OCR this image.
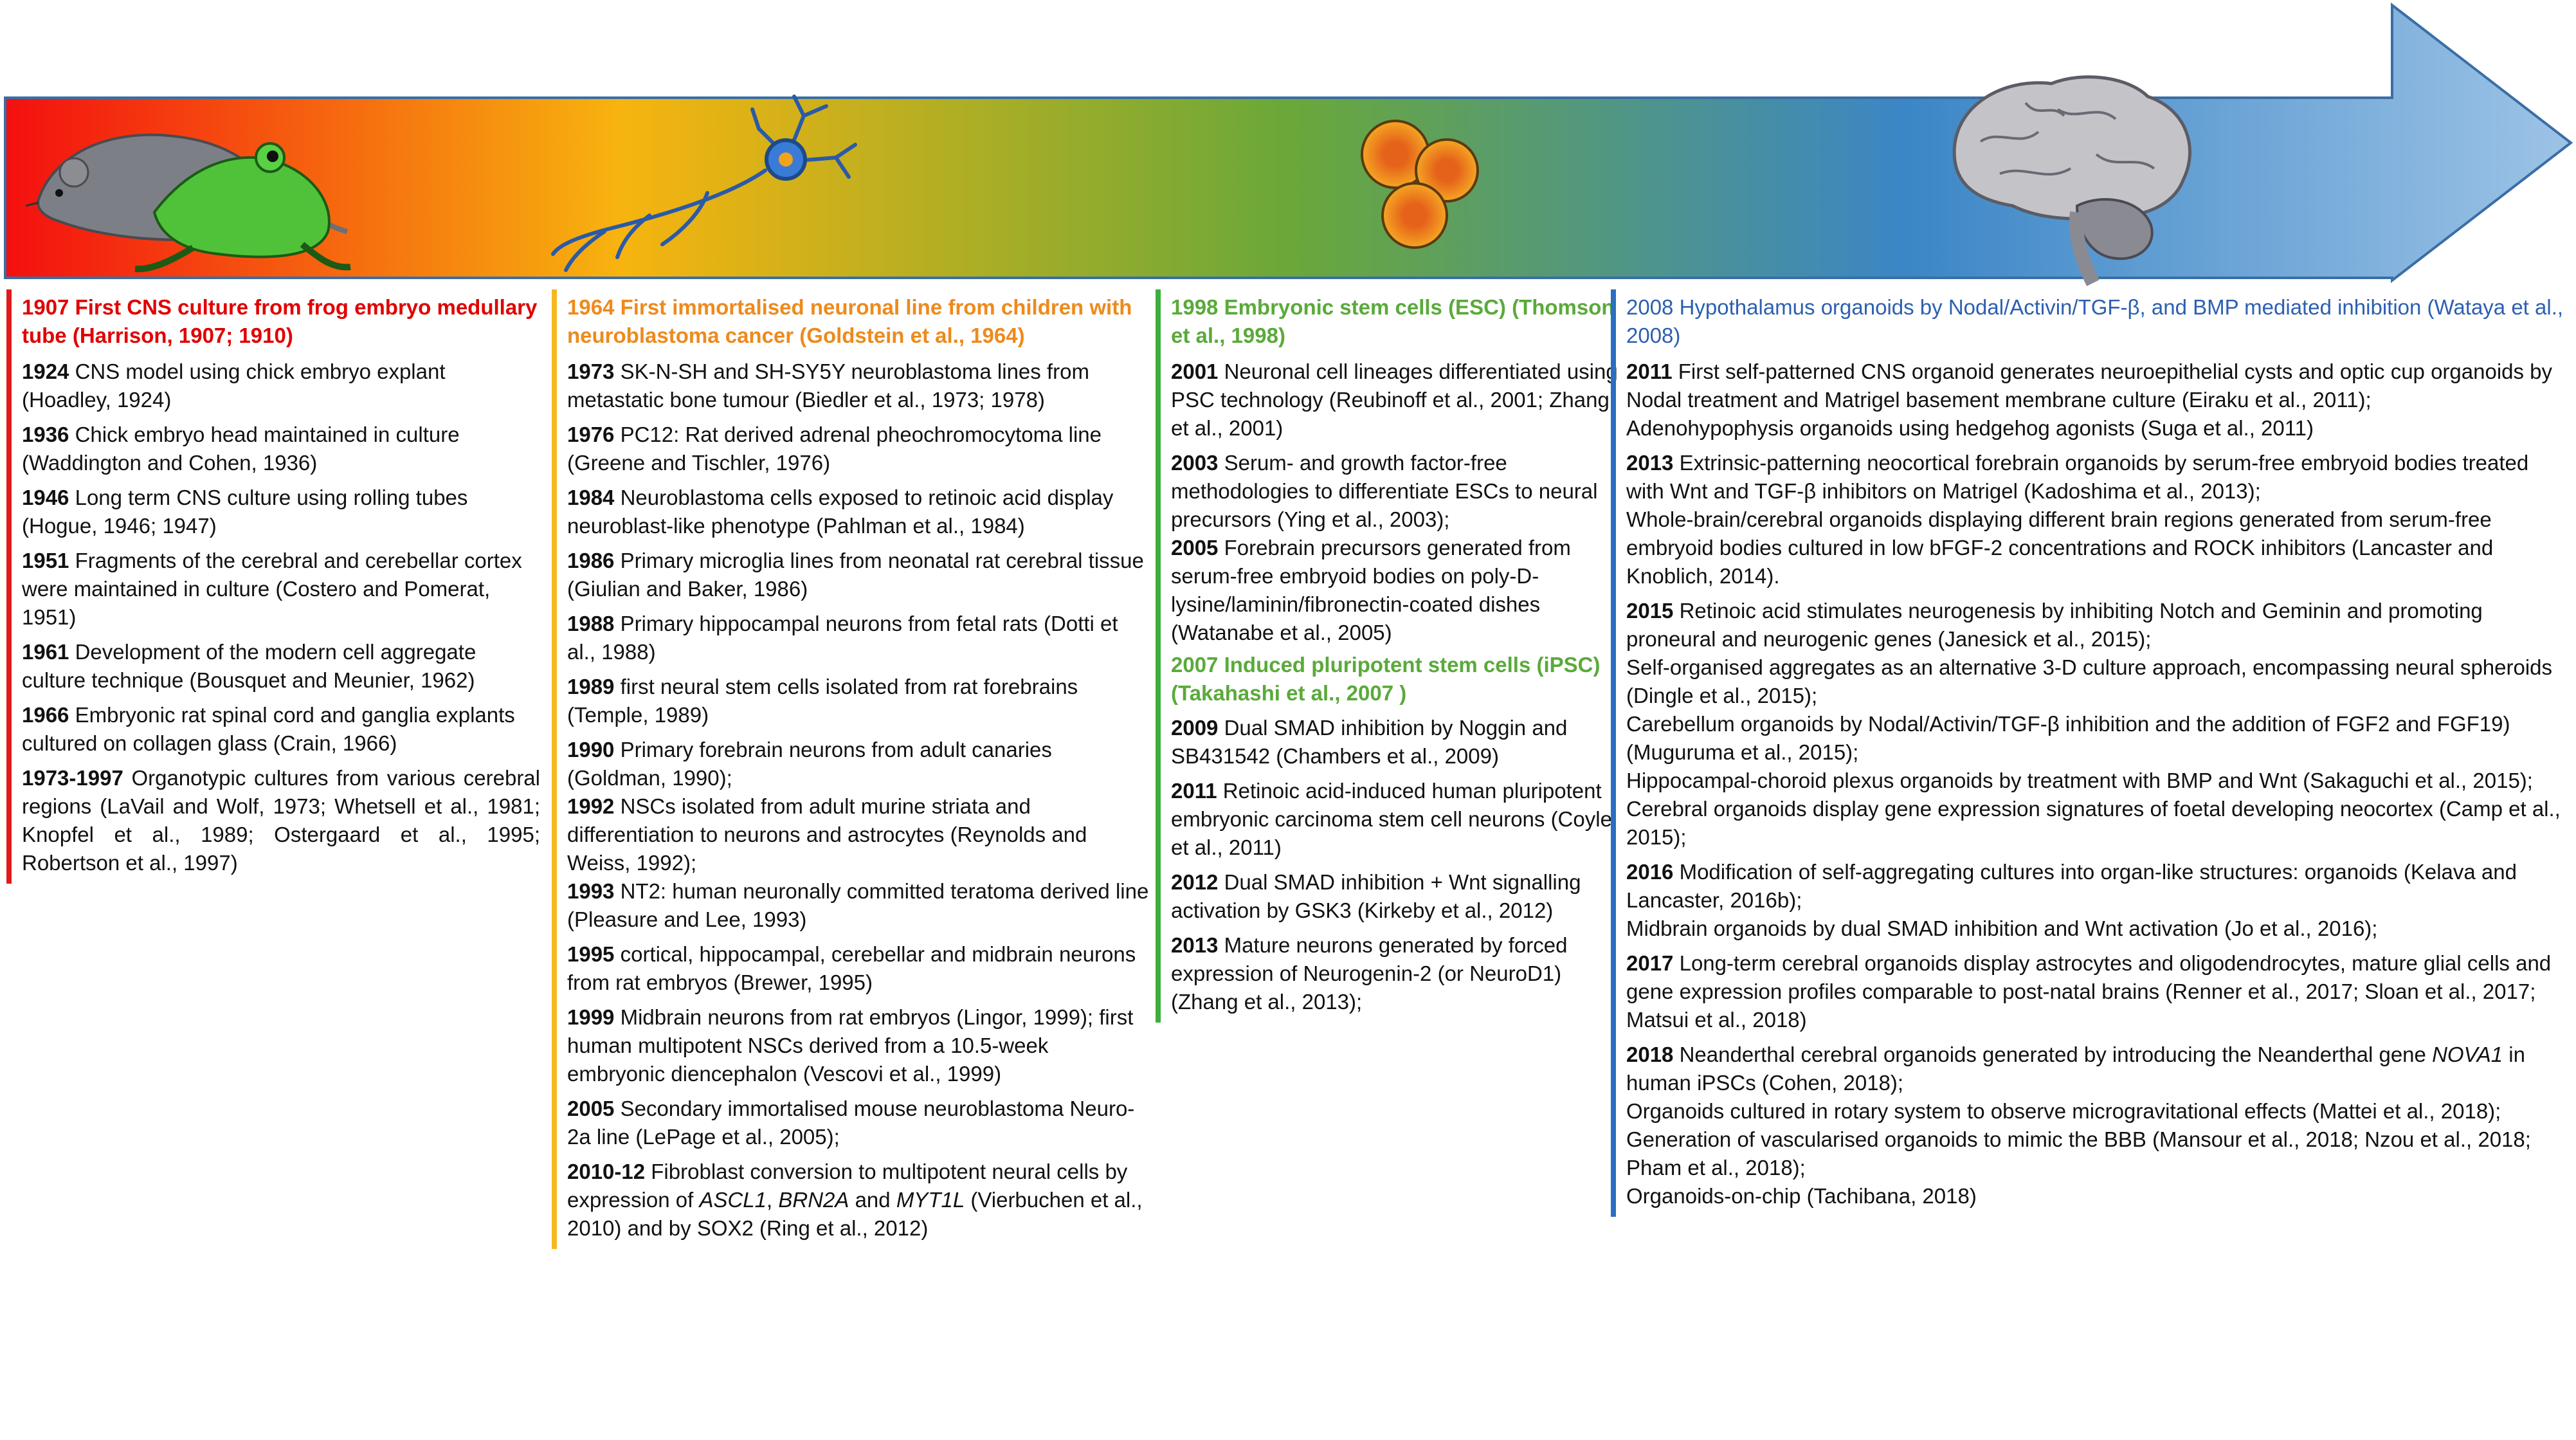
1907 First CNS culture from frog embryo medullary tube (Harrison, 1907; 1910)
1924 CNS model using chick embryo explant (Hoadley, 1924)
1936 Chick embryo head maintained in culture (Waddington and Cohen, 1936)
1946 Long term CNS culture using rolling tubes (Hogue, 1946; 1947)
1951 Fragments of the cerebral and cerebellar cortex were maintained in culture (Costero and Pomerat, 1951)
1961 Development of the modern cell aggregate culture technique (Bousquet and Meunier, 1962)
1966 Embryonic rat spinal cord and ganglia explants cultured on collagen glass (Crain, 1966)
1973-1997 Organotypic cultures from various cerebral regions (LaVail and Wolf, 1973; Whetsell et al., 1981; Knopfel et al., 1989; Ostergaard et al., 1995; Robertson et al., 1997)
1964 First immortalised neuronal line from children with neuroblastoma cancer (Goldstein et al., 1964)
1973 SK-N-SH and SH-SY5Y neuroblastoma lines from metastatic bone tumour (Biedler et al., 1973; 1978)
1976 PC12: Rat derived adrenal pheochromocytoma line (Greene and Tischler, 1976)
1984 Neuroblastoma cells exposed to retinoic acid display neuroblast-like phenotype (Pahlman et al., 1984)
1986 Primary microglia lines from neonatal rat cerebral tissue (Giulian and Baker, 1986)
1988 Primary hippocampal neurons from fetal rats (Dotti et al., 1988)
1989 first neural stem cells isolated from rat forebrains (Temple, 1989)
1990 Primary forebrain neurons from adult canaries (Goldman, 1990);
1992 NSCs isolated from adult murine striata and differentiation to neurons and astrocytes (Reynolds and Weiss, 1992);
1993 NT2: human neuronally committed teratoma derived line (Pleasure and Lee, 1993)
1995 cortical, hippocampal, cerebellar and midbrain neurons from rat embryos (Brewer, 1995)
1999 Midbrain neurons from rat embryos (Lingor, 1999); first human multipotent NSCs derived from a 10.5-week embryonic diencephalon (Vescovi et al., 1999)
2005 Secondary immortalised mouse neuroblastoma Neuro-2a line (LePage et al., 2005);
2010-12 Fibroblast conversion to multipotent neural cells by expression of ASCL1, BRN2A and MYT1L (Vierbuchen et al., 2010) and by SOX2 (Ring et al., 2012)
1998 Embryonic stem cells (ESC) (Thomson et al., 1998)
2001 Neuronal cell lineages differentiated using PSC technology (Reubinoff et al., 2001; Zhang et al., 2001)
2003 Serum- and growth factor-free methodologies to differentiate ESCs to neural precursors (Ying et al., 2003);
2005 Forebrain precursors generated from serum-free embryoid bodies on poly-D-lysine/laminin/fibronectin-coated dishes (Watanabe et al., 2005)
2007 Induced pluripotent stem cells (iPSC) (Takahashi et al., 2007 )
2009 Dual SMAD inhibition by Noggin and SB431542 (Chambers et al., 2009)
2011 Retinoic acid-induced human pluripotent embryonic carcinoma stem cell neurons (Coyle et al., 2011)
2012 Dual SMAD inhibition + Wnt signalling activation by GSK3 (Kirkeby et al., 2012)
2013 Mature neurons generated by forced expression of Neurogenin-2 (or NeuroD1) (Zhang et al., 2013);
2008 Hypothalamus organoids by Nodal/Activin/TGF-β, and BMP mediated inhibition (Wataya et al., 2008)
2011 First self-patterned CNS organoid generates neuroepithelial cysts and optic cup organoids by Nodal treatment and Matrigel basement membrane culture (Eiraku et al., 2011);
Adenohypophysis organoids using hedgehog agonists (Suga et al., 2011)
2013 Extrinsic-patterning neocortical forebrain organoids by serum-free embryoid bodies treated with Wnt and TGF-β inhibitors on Matrigel (Kadoshima et al., 2013);
Whole-brain/cerebral organoids displaying different brain regions generated from serum-free embryoid bodies cultured in low bFGF-2 concentrations and ROCK inhibitors (Lancaster and Knoblich, 2014).
2015 Retinoic acid stimulates neurogenesis by inhibiting Notch and Geminin and promoting proneural and neurogenic genes (Janesick et al., 2015);
Self-organised aggregates as an alternative 3-D culture approach, encompassing neural spheroids (Dingle et al., 2015);
Carebellum organoids by Nodal/Activin/TGF-β inhibition and the addition of FGF2 and FGF19) (Muguruma et al., 2015);
Hippocampal-choroid plexus organoids by treatment with BMP and Wnt (Sakaguchi et al., 2015);
Cerebral organoids display gene expression signatures of foetal developing neocortex (Camp et al., 2015);
2016 Modification of self-aggregating cultures into organ-like structures: organoids (Kelava and Lancaster, 2016b);
Midbrain organoids by dual SMAD inhibition and Wnt activation (Jo et al., 2016);
2017 Long-term cerebral organoids display astrocytes and oligodendrocytes, mature glial cells and gene expression profiles comparable to post-natal brains (Renner et al., 2017; Sloan et al., 2017; Matsui et al., 2018)
2018 Neanderthal cerebral organoids generated by introducing the Neanderthal gene NOVA1 in human iPSCs (Cohen, 2018);
Organoids cultured in rotary system to observe microgravitational effects (Mattei et al., 2018);
Generation of vascularised organoids to mimic the BBB (Mansour et al., 2018; Nzou et al., 2018; Pham et al., 2018);
Organoids-on-chip (Tachibana, 2018)
